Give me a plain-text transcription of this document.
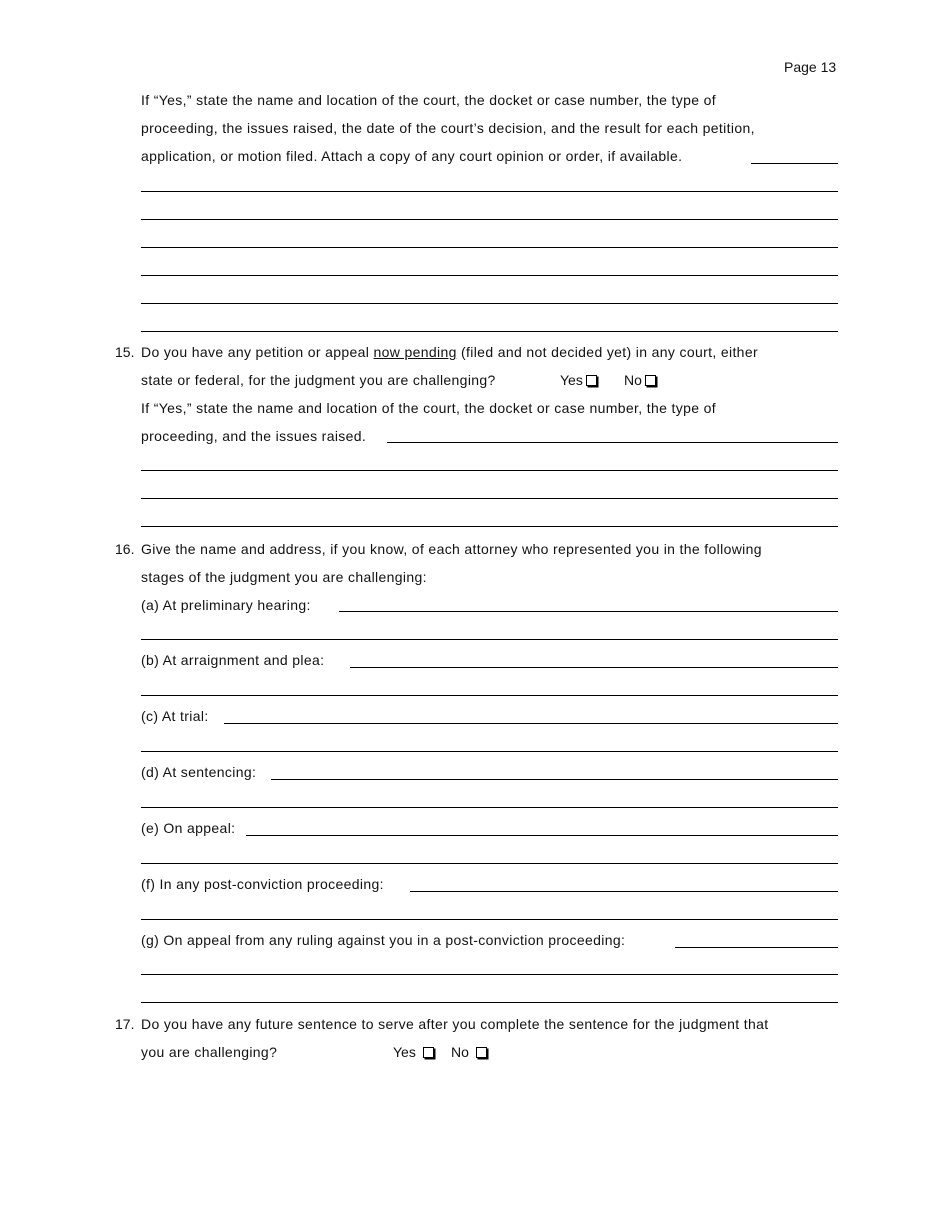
Page 13
If “Yes,” state the name and location of the court, the docket or case number, the type of
proceeding, the issues raised, the date of the court’s decision, and the result for each petition,
application, or motion filed. Attach a copy of any court opinion or order, if available.
15. Do you have any petition or appeal now pending (filed and not decided yet) in any court, either
state or federal, for the judgment you are challenging?	Yes	No
If “Yes,” state the name and location of the court, the docket or case number, the type of
proceeding, and the issues raised.
16. Give the name and address, if you know, of each attorney who represented you in the following
stages of the judgment you are challenging:
(a) At preliminary hearing:
(b) At arraignment and plea:
(c) At trial:
(d) At sentencing:
(e) On appeal:
(f) In any post-conviction proceeding:
(g) On appeal from any ruling against you in a post-conviction proceeding:
17. Do you have any future sentence to serve after you complete the sentence for the judgment that
you are challenging?	Yes	No
